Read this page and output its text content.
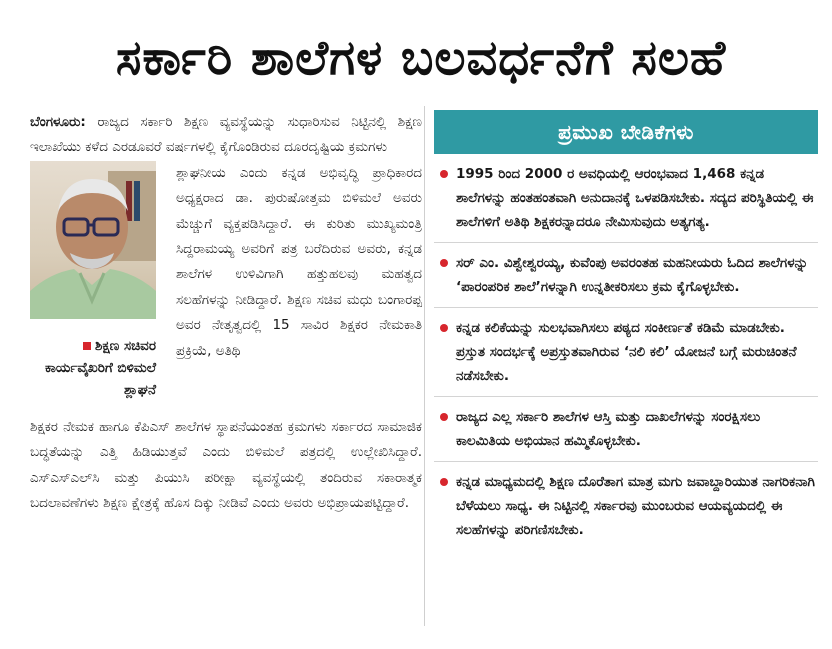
ಸರ್ಕಾರಿ ಶಾಲೆಗಳ ಬಲವರ್ಧನೆಗೆ ಸಲಹೆ

ಬೆಂಗಳೂರು: ರಾಜ್ಯದ ಸರ್ಕಾರಿ ಶಿಕ್ಷಣ ವ್ಯವಸ್ಥೆಯನ್ನು ಸುಧಾರಿಸುವ ನಿಟ್ಟಿನಲ್ಲಿ ಶಿಕ್ಷಣ ಇಲಾಖೆಯು ಕಳೆದ ಎರಡೂವರೆ ವರ್ಷಗಳಲ್ಲಿ ಕೈಗೊಂಡಿರುವ ದೂರದೃಷ್ಟಿಯ ಕ್ರಮಗಳು

ಶಿಕ್ಷಣ ಸಚಿವರ ಕಾರ್ಯವೈಖರಿಗೆ ಬಿಳಿಮಲೆ ಶ್ಲಾಘನೆ

ಶ್ಲಾಘನೀಯ ಎಂದು ಕನ್ನಡ ಅಭಿವೃದ್ಧಿ ಪ್ರಾಧಿಕಾರದ ಅಧ್ಯಕ್ಷರಾದ ಡಾ. ಪುರುಷೋತ್ತಮ ಬಿಳಿಮಲೆ ಅವರು ಮೆಚ್ಚುಗೆ ವ್ಯಕ್ತಪಡಿಸಿದ್ದಾರೆ. ಈ ಕುರಿತು ಮುಖ್ಯಮಂತ್ರಿ ಸಿದ್ದರಾಮಯ್ಯ ಅವರಿಗೆ ಪತ್ರ ಬರೆದಿರುವ ಅವರು, ಕನ್ನಡ ಶಾಲೆಗಳ ಉಳಿವಿಗಾಗಿ ಹತ್ತುಹಲವು ಮಹತ್ವದ ಸಲಹೆಗಳನ್ನು ನೀಡಿದ್ದಾರೆ. ಶಿಕ್ಷಣ ಸಚಿವ ಮಧು ಬಂಗಾರಪ್ಪ ಅವರ ನೇತೃತ್ವದಲ್ಲಿ 15 ಸಾವಿರ ಶಿಕ್ಷಕರ ನೇಮಕಾತಿ ಪ್ರಕ್ರಿಯೆ, ಅತಿಥಿ

ಶಿಕ್ಷಕರ ನೇಮಕ ಹಾಗೂ ಕೆಪಿಎಸ್ ಶಾಲೆಗಳ ಸ್ಥಾಪನೆಯಂತಹ ಕ್ರಮಗಳು ಸರ್ಕಾರದ ಸಾಮಾಜಿಕ ಬದ್ಧತೆಯನ್ನು ಎತ್ತಿ ಹಿಡಿಯುತ್ತವೆ ಎಂದು ಬಿಳಿಮಲೆ ಪತ್ರದಲ್ಲಿ ಉಲ್ಲೇಖಿಸಿದ್ದಾರೆ. ಎಸ್‌ಎಸ್‌ಎಲ್‌ಸಿ ಮತ್ತು ಪಿಯುಸಿ ಪರೀಕ್ಷಾ ವ್ಯವಸ್ಥೆಯಲ್ಲಿ ತಂದಿರುವ ಸಕಾರಾತ್ಮಕ ಬದಲಾವಣೆಗಳು ಶಿಕ್ಷಣ ಕ್ಷೇತ್ರಕ್ಕೆ ಹೊಸ ದಿಕ್ಕು ನೀಡಿವೆ ಎಂದು ಅವರು ಅಭಿಪ್ರಾಯಪಟ್ಟಿದ್ದಾರೆ.

ಪ್ರಮುಖ ಬೇಡಿಕೆಗಳು
1995 ರಿಂದ 2000 ರ ಅವಧಿಯಲ್ಲಿ ಆರಂಭವಾದ 1,468 ಕನ್ನಡ ಶಾಲೆಗಳನ್ನು ಹಂತಹಂತವಾಗಿ ಅನುದಾನಕ್ಕೆ ಒಳಪಡಿಸಬೇಕು. ಸದ್ಯದ ಪರಿಸ್ಥಿತಿಯಲ್ಲಿ ಈ ಶಾಲೆಗಳಿಗೆ ಅತಿಥಿ ಶಿಕ್ಷಕರನ್ನಾದರೂ ನೇಮಿಸುವುದು ಅತ್ಯಗತ್ಯ.
ಸರ್ ಎಂ. ವಿಶ್ವೇಶ್ವರಯ್ಯ, ಕುವೆಂಪು ಅವರಂತಹ ಮಹನೀಯರು ಓದಿದ ಶಾಲೆಗಳನ್ನು ‘ಪಾರಂಪರಿಕ ಶಾಲೆ’ಗಳನ್ನಾಗಿ ಉನ್ನತೀಕರಿಸಲು ಕ್ರಮ ಕೈಗೊಳ್ಳಬೇಕು.
ಕನ್ನಡ ಕಲಿಕೆಯನ್ನು ಸುಲಭವಾಗಿಸಲು ಪಠ್ಯದ ಸಂಕೀರ್ಣತೆ ಕಡಿಮೆ ಮಾಡಬೇಕು. ಪ್ರಸ್ತುತ ಸಂದರ್ಭಕ್ಕೆ ಅಪ್ರಸ್ತುತವಾಗಿರುವ ‘ನಲಿ ಕಲಿ’ ಯೋಜನೆ ಬಗ್ಗೆ ಮರುಚಿಂತನೆ ನಡೆಸಬೇಕು.
ರಾಜ್ಯದ ಎಲ್ಲ ಸರ್ಕಾರಿ ಶಾಲೆಗಳ ಆಸ್ತಿ ಮತ್ತು ದಾಖಲೆಗಳನ್ನು ಸಂರಕ್ಷಿಸಲು ಕಾಲಮಿತಿಯ ಅಭಿಯಾನ ಹಮ್ಮಿಕೊಳ್ಳಬೇಕು.
ಕನ್ನಡ ಮಾಧ್ಯಮದಲ್ಲಿ ಶಿಕ್ಷಣ ದೊರೆತಾಗ ಮಾತ್ರ ಮಗು ಜವಾಬ್ದಾರಿಯುತ ನಾಗರಿಕನಾಗಿ ಬೆಳೆಯಲು ಸಾಧ್ಯ. ಈ ನಿಟ್ಟಿನಲ್ಲಿ ಸರ್ಕಾರವು ಮುಂಬರುವ ಆಯವ್ಯಯದಲ್ಲಿ ಈ ಸಲಹೆಗಳನ್ನು ಪರಿಗಣಿಸಬೇಕು.
